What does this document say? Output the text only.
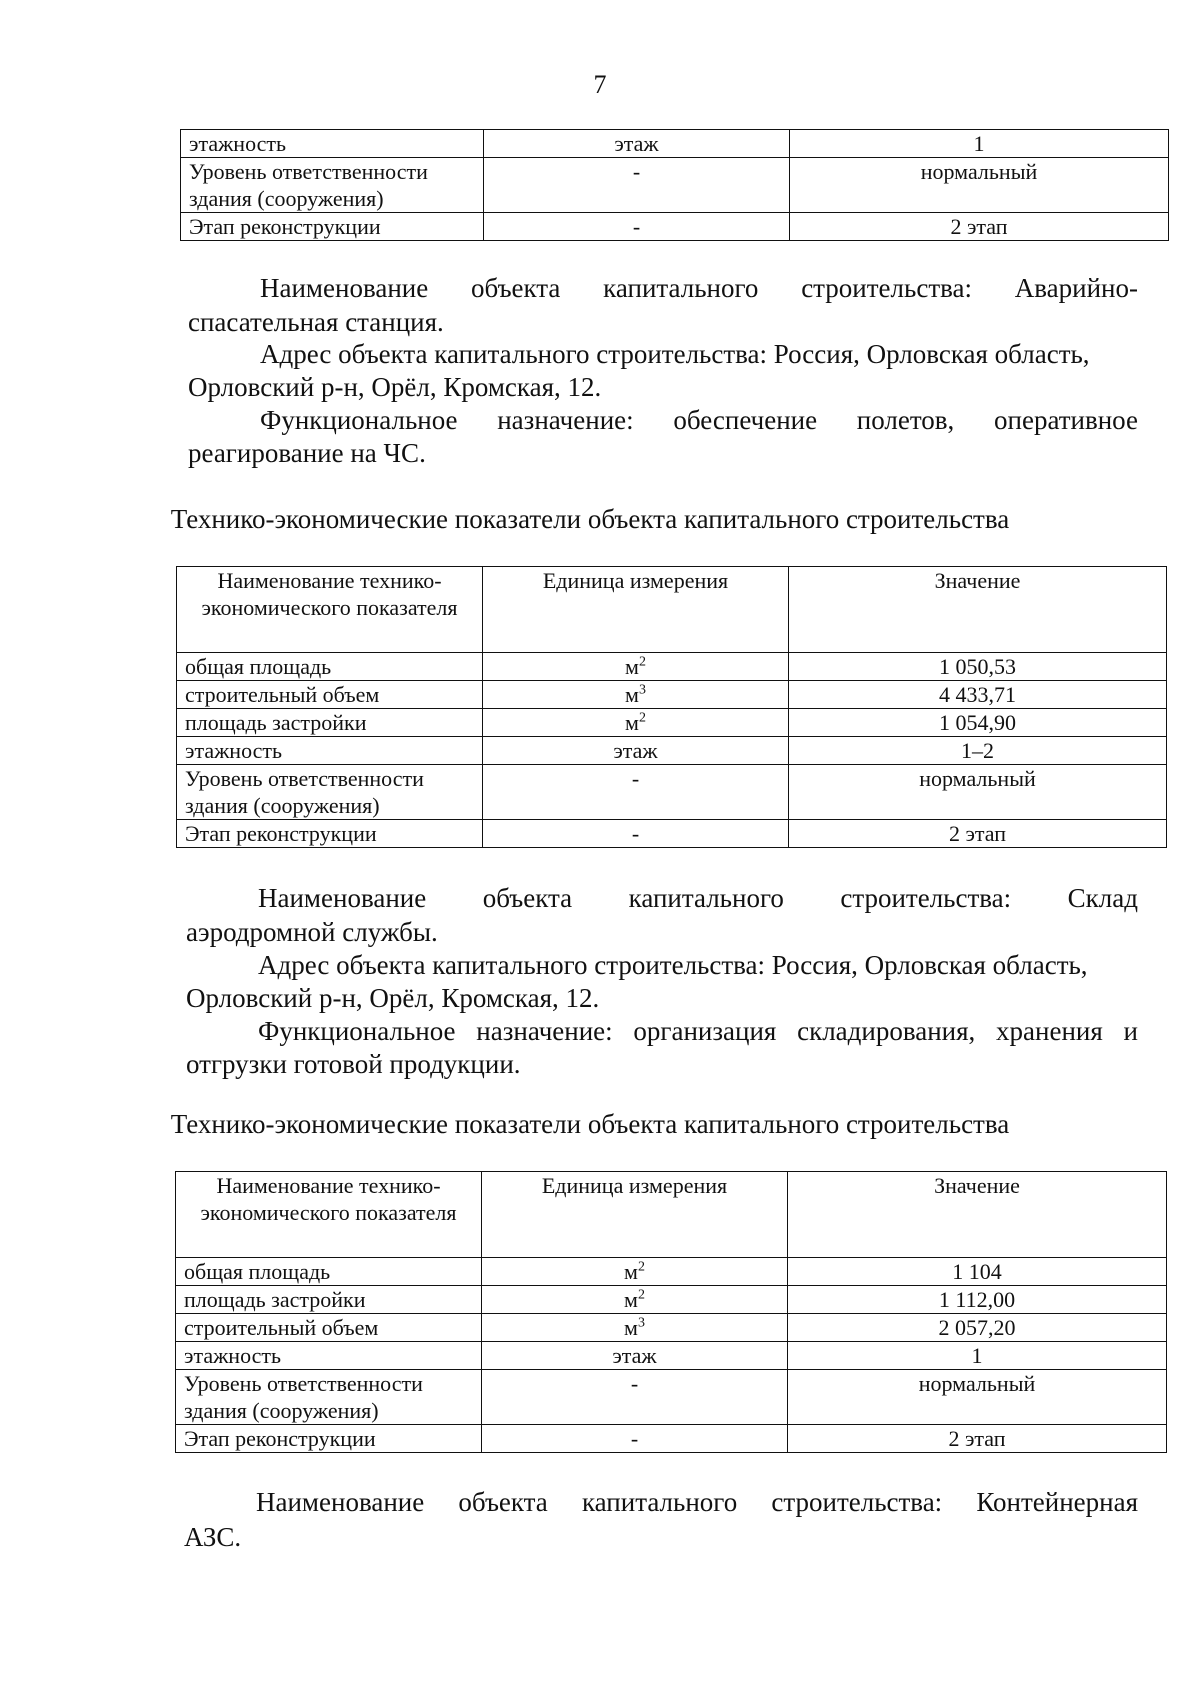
7
этажность	этаж	1
Уровень ответственности здания (сооружения)	-	нормальный
Этап реконструкции	-	2 этап

Наименование объекта капитального строительства: Аварийно-

спасательная станция.

Адрес объекта капитального строительства: Россия, Орловская область,

Орловский р-н, Орёл, Кромская, 12.

Функциональное назначение: обеспечение полетов, оперативное

реагирование на ЧС.

Технико-экономические показатели объекта капитального строительства

Наименование технико-экономического показателя	Единица измерения	Значение
общая площадь	$м^2$	1 050,53
строительный объем	$м^3$	4 433,71
площадь застройки	$м^2$	1 054,90
этажность	этаж	1–2
Уровень ответственности здания (сооружения)	-	нормальный
Этап реконструкции	-	2 этап

Наименование объекта капитального строительства: Склад

аэродромной службы.

Адрес объекта капитального строительства: Россия, Орловская область,

Орловский р-н, Орёл, Кромская, 12.

Функциональное назначение: организация складирования, хранения и

отгрузки готовой продукции.

Технико-экономические показатели объекта капитального строительства

Наименование технико-экономического показателя	Единица измерения	Значение
общая площадь	$м^2$	1 104
площадь застройки	$м^2$	1 112,00
строительный объем	$м^3$	2 057,20
этажность	этаж	1
Уровень ответственности здания (сооружения)	-	нормальный
Этап реконструкции	-	2 этап

Наименование объекта капитального строительства: Контейнерная

АЗС.
